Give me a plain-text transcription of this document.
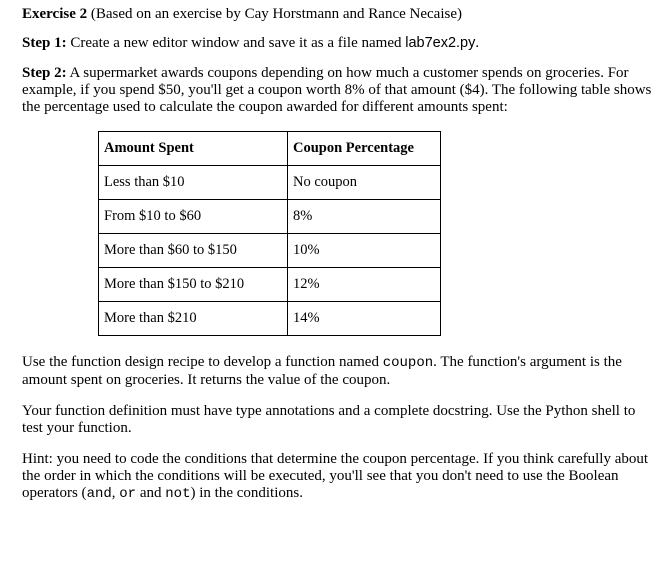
Exercise 2 (Based on an exercise by Cay Horstmann and Rance Necaise)

Step 1: Create a new editor window and save it as a file named lab7ex2.py.

Step 2: A supermarket awards coupons depending on how much a customer spends on groceries. For example, if you spend $50, you'll get a coupon worth 8% of that amount ($4). The following table shows the percentage used to calculate the coupon awarded for different amounts spent:

Amount Spent	Coupon Percentage
Less than $10	No coupon
From $10 to $60	8%
More than $60 to $150	10%
More than $150 to $210	12%
More than $210	14%

Use the function design recipe to develop a function named coupon. The function's argument is the amount spent on groceries. It returns the value of the coupon.

Your function definition must have type annotations and a complete docstring. Use the Python shell to test your function.

Hint: you need to code the conditions that determine the coupon percentage. If you think carefully about the order in which the conditions will be executed, you'll see that you don't need to use the Boolean operators (and, or and not) in the conditions.
